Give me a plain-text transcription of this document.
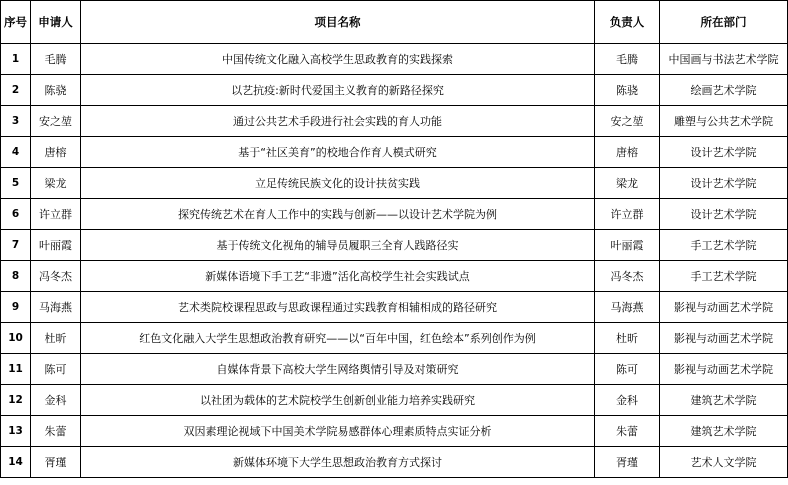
序号	申请人	项目名称	负责人	所在部门
1	毛腾	中国传统文化融入高校学生思政教育的实践探索	毛腾	中国画与书法艺术学院
2	陈骁	以艺抗疫:新时代爱国主义教育的新路径探究	陈骁	绘画艺术学院
3	安之堃	通过公共艺术手段进行社会实践的育人功能	安之堃	雕塑与公共艺术学院
4	唐榕	基于“社区美育”的校地合作育人模式研究	唐榕	设计艺术学院
5	梁龙	立足传统民族文化的设计扶贫实践	梁龙	设计艺术学院
6	许立群	探究传统艺术在育人工作中的实践与创新——以设计艺术学院为例	许立群	设计艺术学院
7	叶丽霞	基于传统文化视角的辅导员履职三全育人践路径实	叶丽霞	手工艺术学院
8	冯冬杰	新媒体语境下手工艺“非遗”活化高校学生社会实践试点	冯冬杰	手工艺术学院
9	马海燕	艺术类院校课程思政与思政课程通过实践教育相辅相成的路径研究	马海燕	影视与动画艺术学院
10	杜昕	红色文化融入大学生思想政治教育研究——以“百年中国，红色绘本”系列创作为例	杜昕	影视与动画艺术学院
11	陈可	自媒体背景下高校大学生网络舆情引导及对策研究	陈可	影视与动画艺术学院
12	金科	以社团为载体的艺术院校学生创新创业能力培养实践研究	金科	建筑艺术学院
13	朱蕾	双因素理论视域下中国美术学院易感群体心理素质特点实证分析	朱蕾	建筑艺术学院
14	胥瑾	新媒体环境下大学生思想政治教育方式探讨	胥瑾	艺术人文学院
